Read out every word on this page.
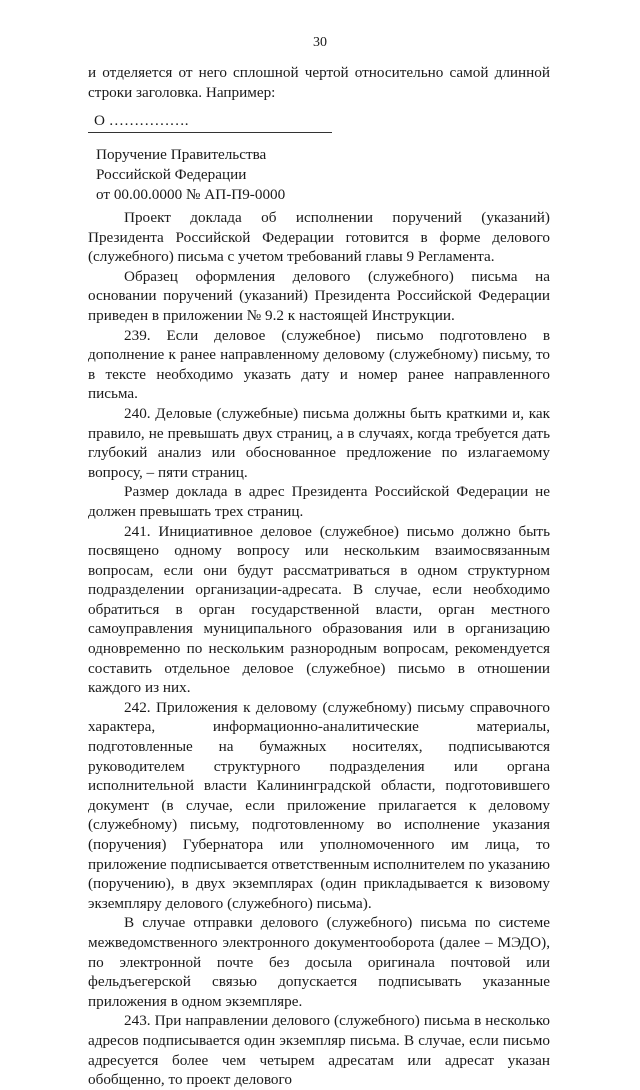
30

и отделяется от него сплошной чертой относительно самой длинной строки заголовка. Например:

О …………….
Поручение Правительства
Российской Федерации
от 00.00.0000 № АП-П9-0000

Проект доклада об исполнении поручений (указаний) Президента Российской Федерации готовится в форме делового (служебного) письма с учетом требований главы 9 Регламента.

Образец оформления делового (служебного) письма на основании поручений (указаний) Президента Российской Федерации приведен в приложении № 9.2 к настоящей Инструкции.

239. Если деловое (служебное) письмо подготовлено в дополнение к ранее направленному деловому (служебному) письму, то в тексте необходимо указать дату и номер ранее направленного письма.

240. Деловые (служебные) письма должны быть краткими и, как правило, не превышать двух страниц, а в случаях, когда требуется дать глубокий анализ или обоснованное предложение по излагаемому вопросу, – пяти страниц.

Размер доклада в адрес Президента Российской Федерации не должен превышать трех страниц.

241. Инициативное деловое (служебное) письмо должно быть посвящено одному вопросу или нескольким взаимосвязанным вопросам, если они будут рассматриваться в одном структурном подразделении организации-адресата. В случае, если необходимо обратиться в орган государственной власти, орган местного самоуправления муниципального образования или в организацию одновременно по нескольким разнородным вопросам, рекомендуется составить отдельное деловое (служебное) письмо в отношении каждого из них.

242. Приложения к деловому (служебному) письму справочного характера, информационно-аналитические материалы, подготовленные на бумажных носителях, подписываются руководителем структурного подразделения или органа исполнительной власти Калининградской области, подготовившего документ (в случае, если приложение прилагается к деловому (служебному) письму, подготовленному во исполнение указания (поручения) Губернатора или уполномоченного им лица, то приложение подписывается ответственным исполнителем по указанию (поручению), в двух экземплярах (один прикладывается к визовому экземпляру делового (служебного) письма).

В случае отправки делового (служебного) письма по системе межведомственного электронного документооборота (далее – МЭДО), по электронной почте без досыла оригинала почтовой или фельдъегерской связью допускается подписывать указанные приложения в одном экземпляре.

243. При направлении делового (служебного) письма в несколько адресов подписывается один экземпляр письма. В случае, если письмо адресуется более чем четырем адресатам или адресат указан обобщенно, то проект делового
